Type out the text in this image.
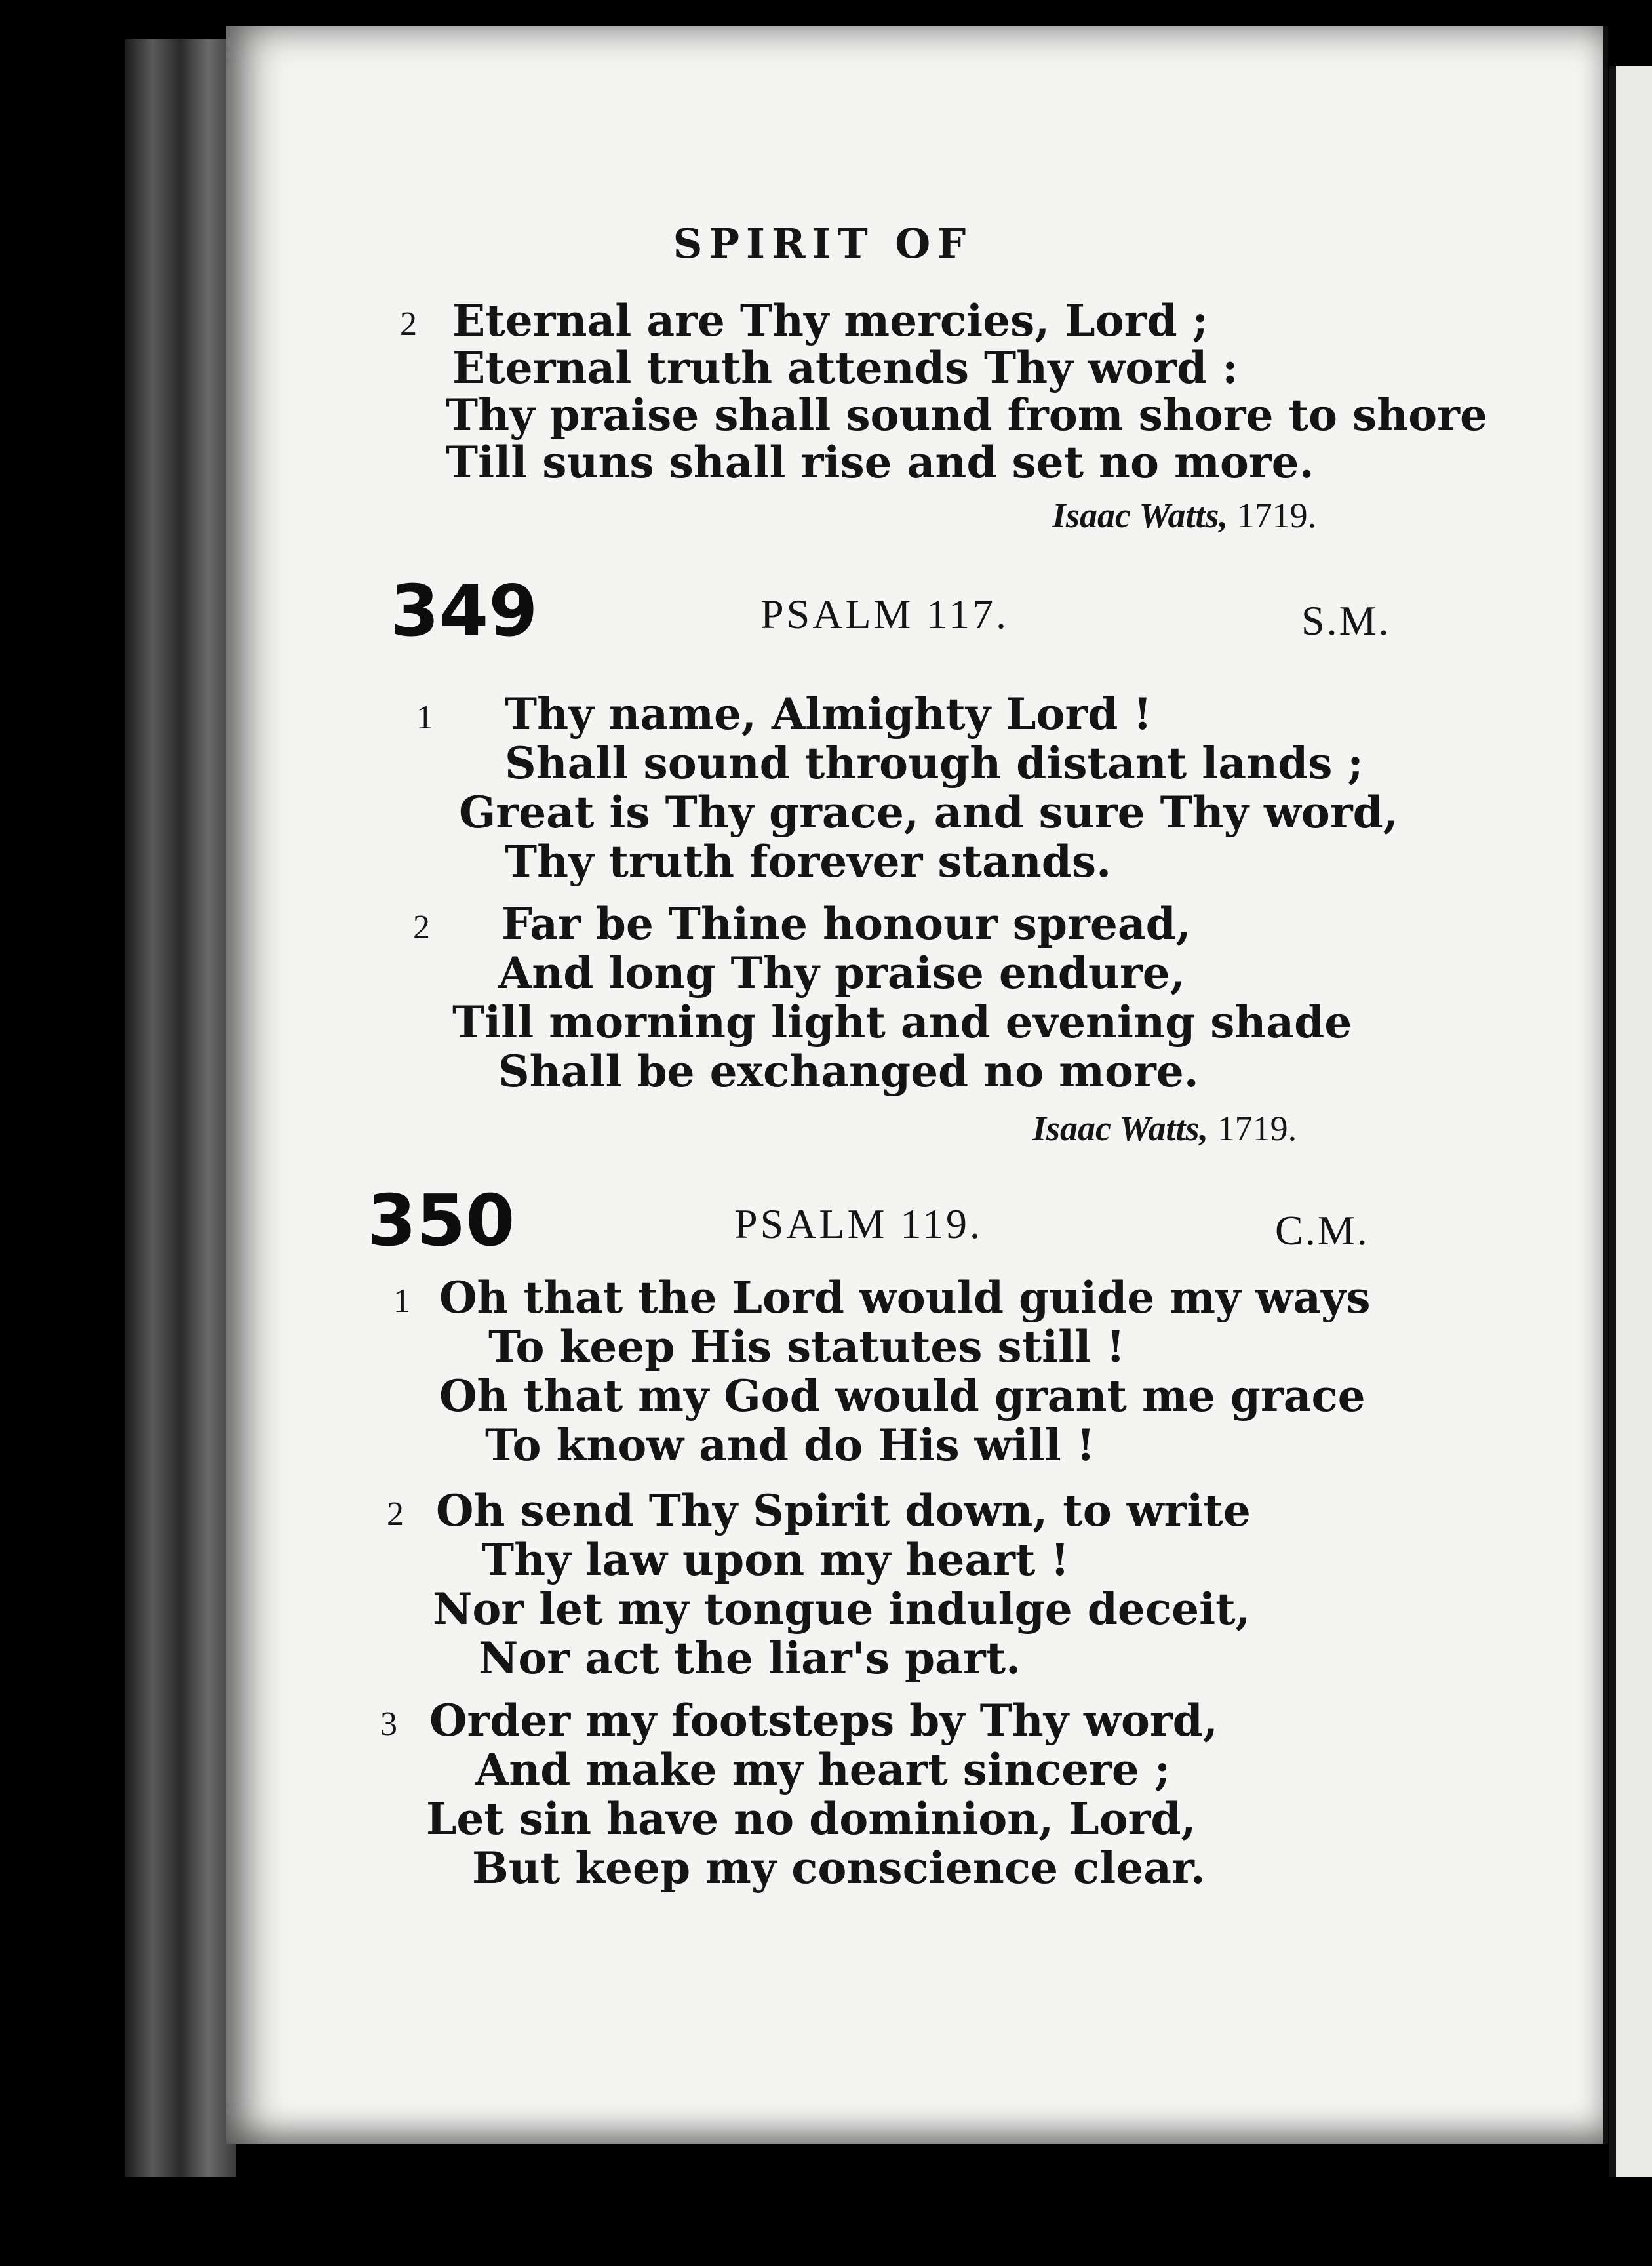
SPIRIT OF
2 Eternal are Thy mercies, Lord ;
Eternal truth attends Thy word :
Thy praise shall sound from shore to shore
Till suns shall rise and set no more.
Isaac Watts, 1719.
349	PSALM 117.	S.M.
1 Thy name, Almighty Lord !
Shall sound through distant lands ;
Great is Thy grace, and sure Thy word,
Thy truth forever stands.
2 Far be Thine honour spread,
And long Thy praise endure,
Till morning light and evening shade
Shall be exchanged no more.
Isaac Watts, 1719.
350	PSALM 119.	C.M.
1 Oh that the Lord would guide my ways
To keep His statutes still !
Oh that my God would grant me grace
To know and do His will !
2 Oh send Thy Spirit down, to write
Thy law upon my heart !
Nor let my tongue indulge deceit,
Nor act the liar's part.
3 Order my footsteps by Thy word,
And make my heart sincere ;
Let sin have no dominion, Lord,
But keep my conscience clear.
